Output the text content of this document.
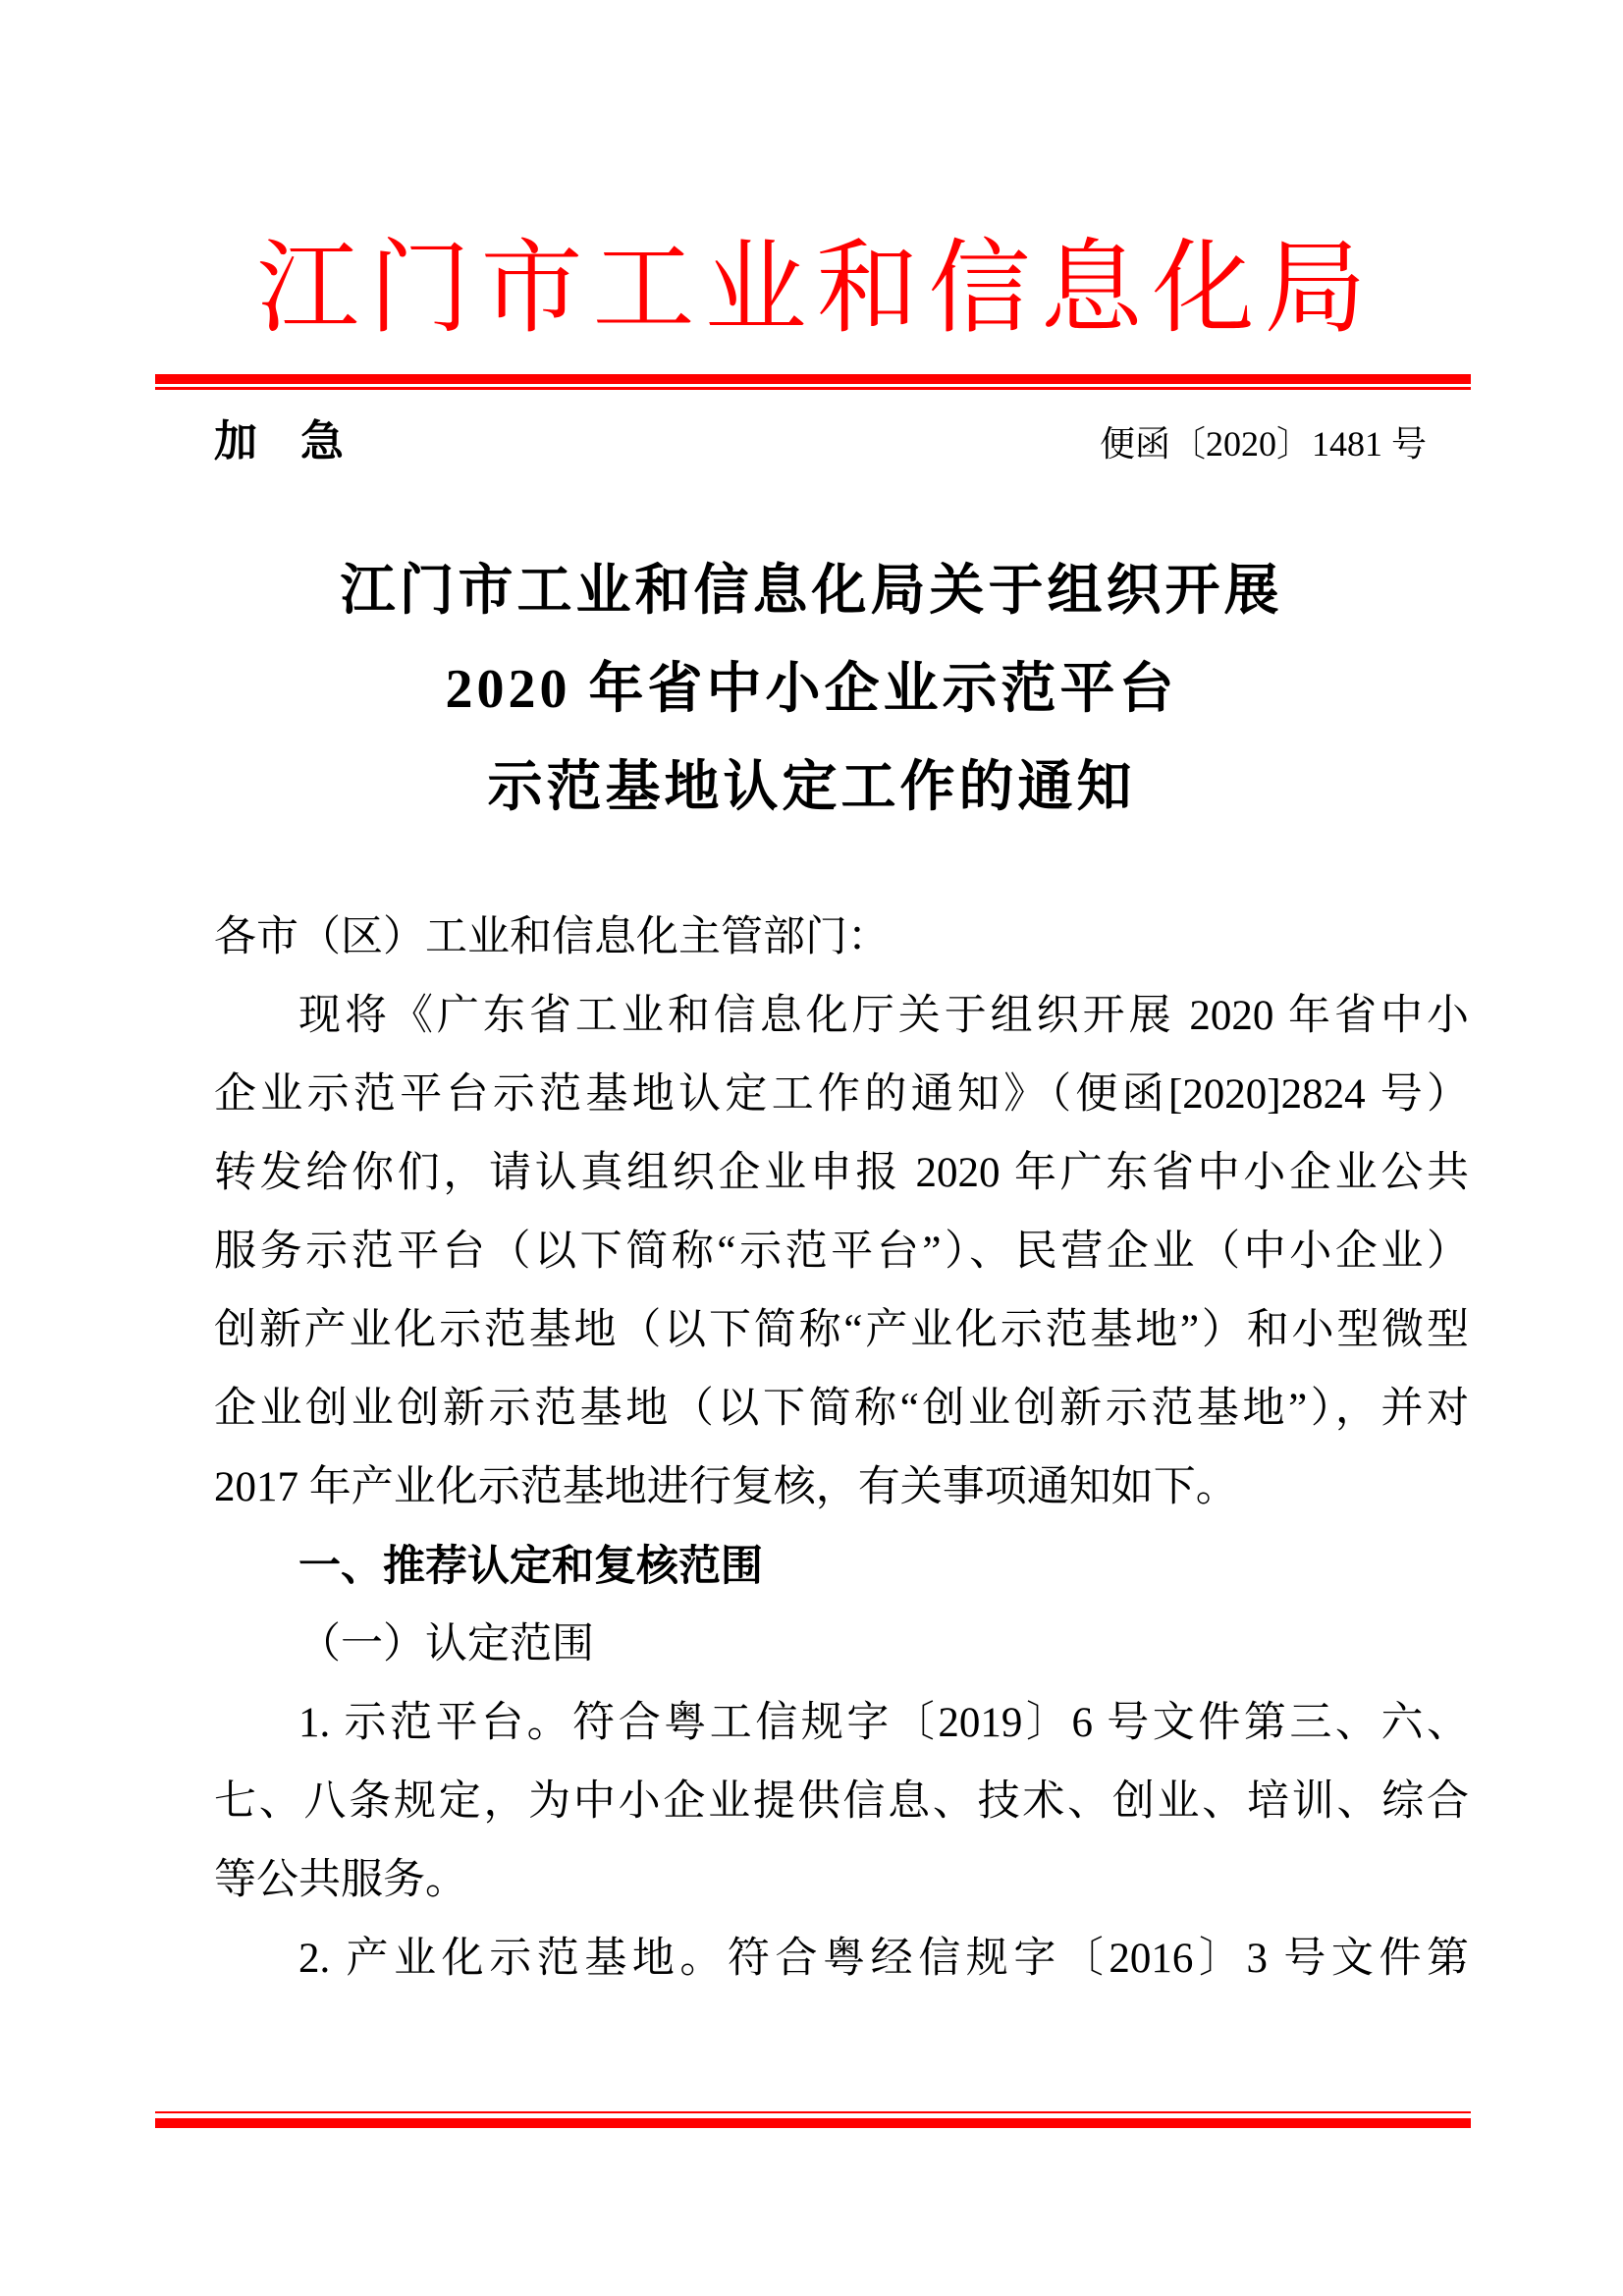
江门市工业和信息化局
加　急	便函〔2020〕1481 号
江门市工业和信息化局关于组织开展
2020 年省中小企业示范平台
示范基地认定工作的通知
各市（区）工业和信息化主管部门：
现将《广东省工业和信息化厅关于组织开展 2020 年省中小
企业示范平台示范基地认定工作的通知》（便函[2020]2824 号）
转发给你们，请认真组织企业申报 2020 年广东省中小企业公共
服务示范平台（以下简称“示范平台”）、民营企业（中小企业）
创新产业化示范基地（以下简称“产业化示范基地”）和小型微型
企业创业创新示范基地（以下简称“创业创新示范基地”），并对
2017 年产业化示范基地进行复核，有关事项通知如下。
一、推荐认定和复核范围
（一）认定范围
1. 示范平台。符合粤工信规字〔2019〕6 号文件第三、六、
七、八条规定，为中小企业提供信息、技术、创业、培训、综合
等公共服务。
2. 产业化示范基地。符合粤经信规字〔2016〕3 号文件第
